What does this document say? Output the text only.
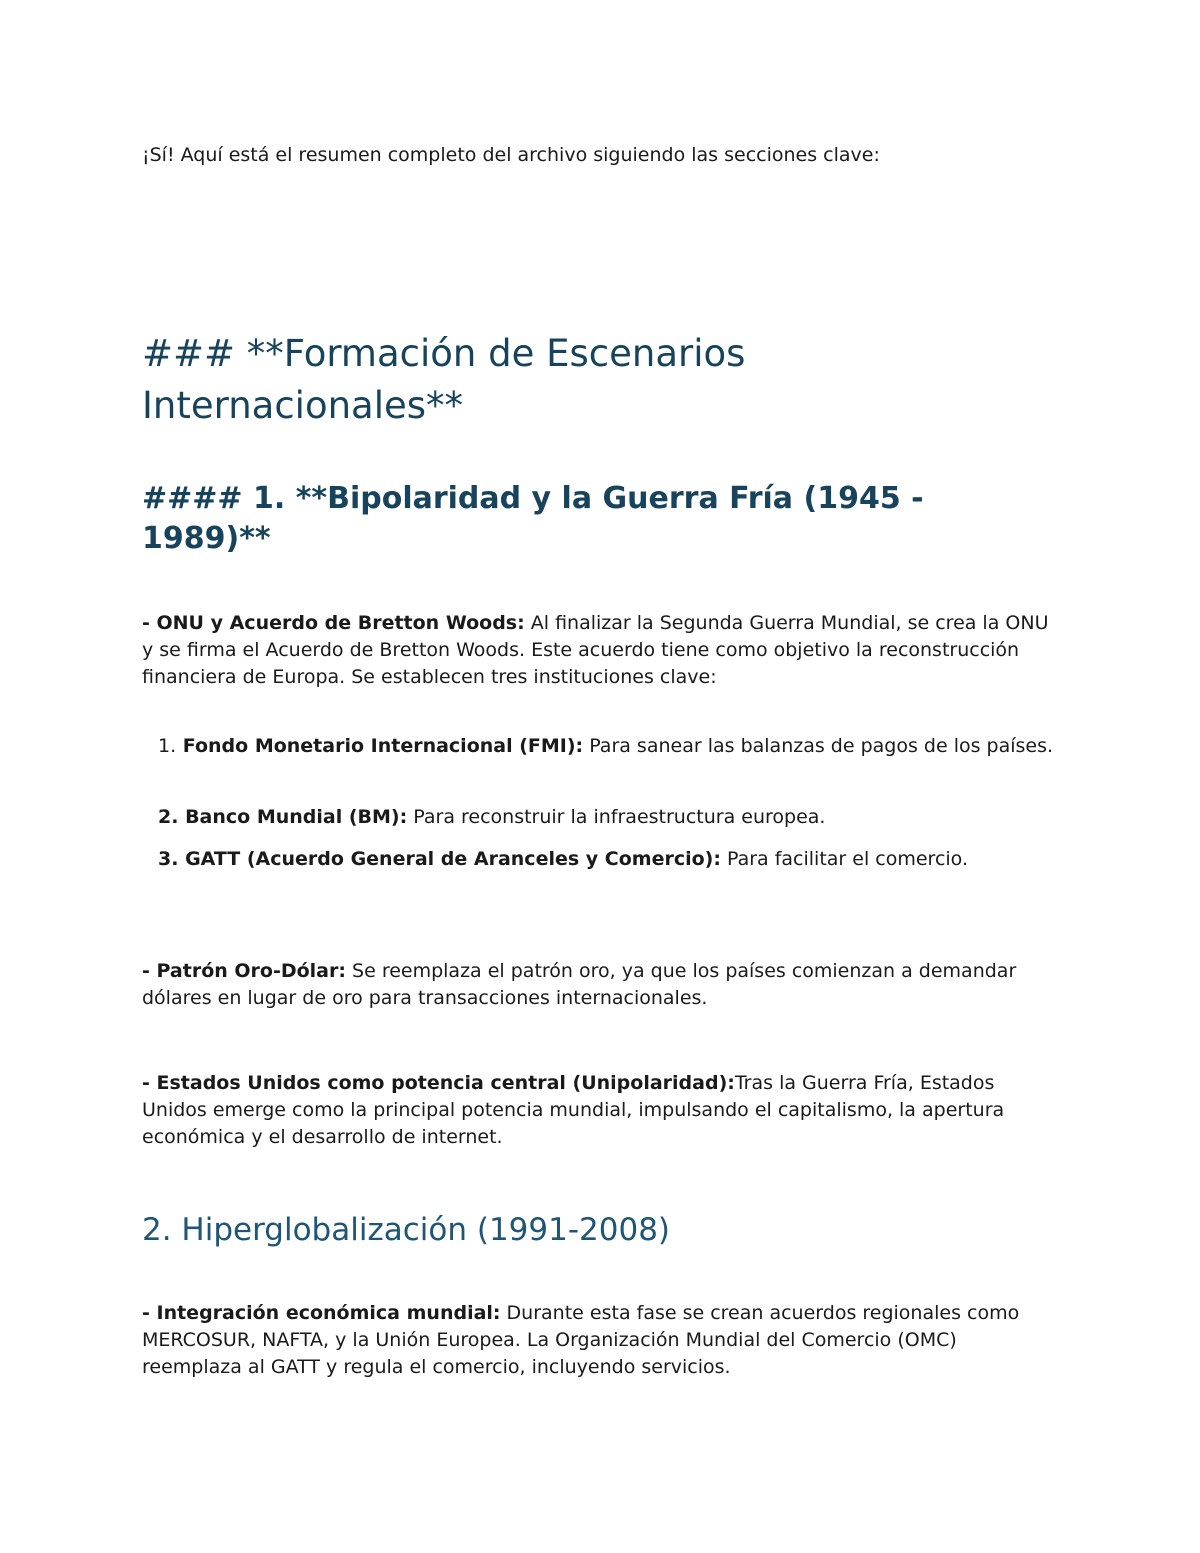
¡Sí! Aquí está el resumen completo del archivo siguiendo las secciones clave:
### **Formación de Escenarios Internacionales**
#### 1. **Bipolaridad y la Guerra Fría (1945 - 1989)**

- ONU y Acuerdo de Bretton Woods: Al finalizar la Segunda Guerra Mundial, se crea la ONU y se firma el Acuerdo de Bretton Woods. Este acuerdo tiene como objetivo la reconstrucción financiera de Europa. Se establecen tres instituciones clave:

1. Fondo Monetario Internacional (FMI): Para sanear las balanzas de pagos de los países.

2. Banco Mundial (BM): Para reconstruir la infraestructura europea.

3. GATT (Acuerdo General de Aranceles y Comercio): Para facilitar el comercio.

- Patrón Oro-Dólar: Se reemplaza el patrón oro, ya que los países comienzan a demandar dólares en lugar de oro para transacciones internacionales.

- Estados Unidos como potencia central (Unipolaridad):Tras la Guerra Fría, Estados Unidos emerge como la principal potencia mundial, impulsando el capitalismo, la apertura económica y el desarrollo de internet.

2. Hiperglobalización (1991-2008)

- Integración económica mundial: Durante esta fase se crean acuerdos regionales como MERCOSUR, NAFTA, y la Unión Europea. La Organización Mundial del Comercio (OMC) reemplaza al GATT y regula el comercio, incluyendo servicios.
